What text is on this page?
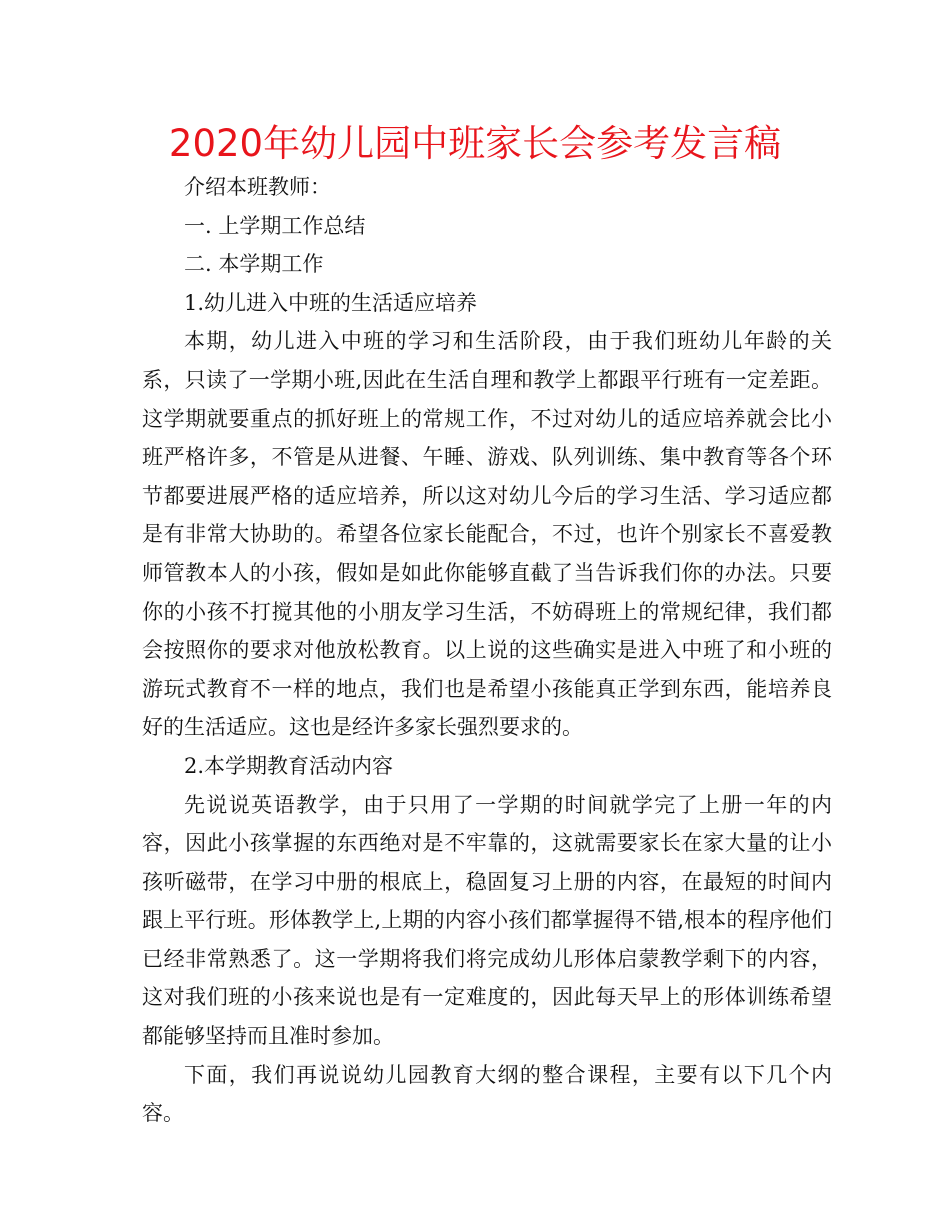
2020年幼儿园中班家长会参考发言稿

介绍本班教师：

一. 上学期工作总结

二. 本学期工作

1.幼儿进入中班的生活适应培养

本期，幼儿进入中班的学习和生活阶段，由于我们班幼儿年龄的关系，只读了一学期小班,因此在生活自理和教学上都跟平行班有一定差距。这学期就要重点的抓好班上的常规工作，不过对幼儿的适应培养就会比小班严格许多，不管是从进餐、午睡、游戏、队列训练、集中教育等各个环节都要进展严格的适应培养，所以这对幼儿今后的学习生活、学习适应都是有非常大协助的。希望各位家长能配合，不过，也许个别家长不喜爱教师管教本人的小孩，假如是如此你能够直截了当告诉我们你的办法。只要你的小孩不打搅其他的小朋友学习生活，不妨碍班上的常规纪律，我们都会按照你的要求对他放松教育。以上说的这些确实是进入中班了和小班的游玩式教育不一样的地点，我们也是希望小孩能真正学到东西，能培养良好的生活适应。这也是经许多家长强烈要求的。

2.本学期教育活动内容

先说说英语教学，由于只用了一学期的时间就学完了上册一年的内容，因此小孩掌握的东西绝对是不牢靠的，这就需要家长在家大量的让小孩听磁带，在学习中册的根底上，稳固复习上册的内容，在最短的时间内跟上平行班。形体教学上,上期的内容小孩们都掌握得不错,根本的程序他们已经非常熟悉了。这一学期将我们将完成幼儿形体启蒙教学剩下的内容，这对我们班的小孩来说也是有一定难度的，因此每天早上的形体训练希望都能够坚持而且准时参加。

下面，我们再说说幼儿园教育大纲的整合课程，主要有以下几个内容。
